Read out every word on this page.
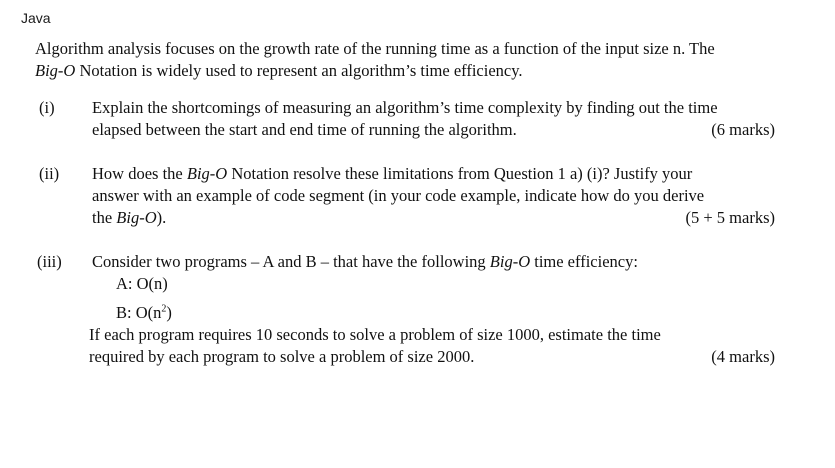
Java
Algorithm analysis focuses on the growth rate of the running time as a function of the input size n. The
Big-O Notation is widely used to represent an algorithm’s time efficiency.
(i) Explain the shortcomings of measuring an algorithm’s time complexity by finding out the time
elapsed between the start and end time of running the algorithm.	(6 marks)
(ii) How does the Big-O Notation resolve these limitations from Question 1 a) (i)? Justify your
answer with an example of code segment (in your code example, indicate how do you derive
the Big-O).	(5 + 5 marks)
(iii) Consider two programs – A and B – that have the following Big-O time efficiency:
A: O(n)
B: $O(n^2)$
If each program requires 10 seconds to solve a problem of size 1000, estimate the time
required by each program to solve a problem of size 2000.	(4 marks)
